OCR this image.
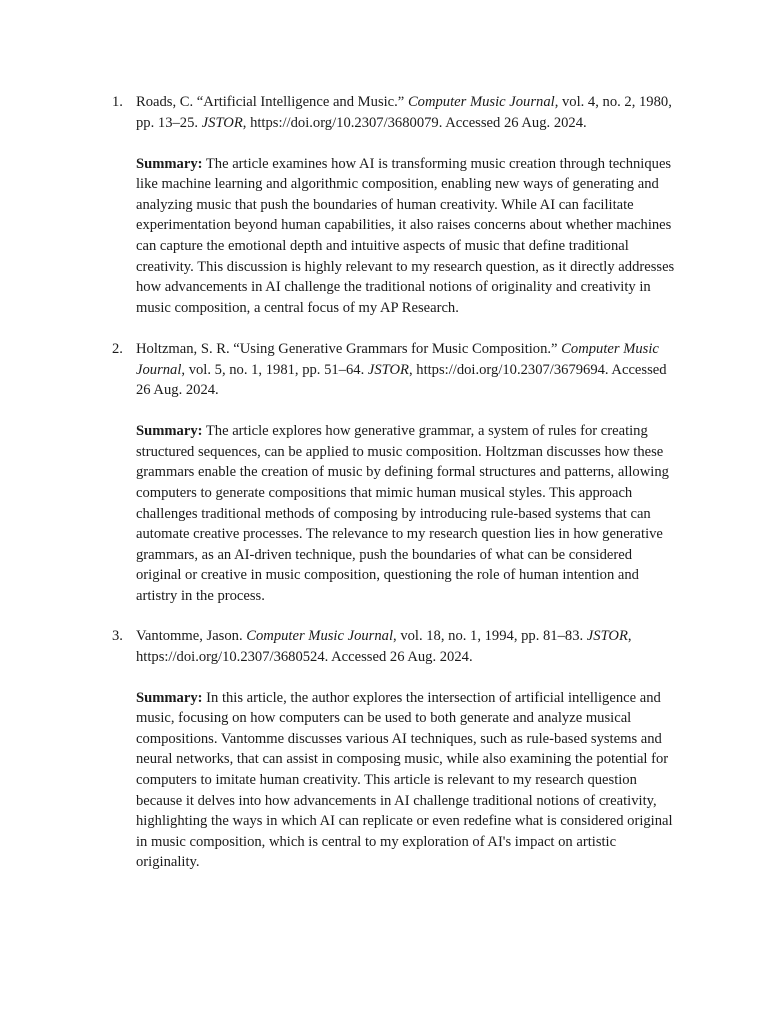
1. Roads, C. “Artificial Intelligence and Music.” Computer Music Journal, vol. 4, no. 2, 1980, pp. 13–25. JSTOR, https://doi.org/10.2307/3680079. Accessed 26 Aug. 2024.

Summary: The article examines how AI is transforming music creation through techniques like machine learning and algorithmic composition, enabling new ways of generating and analyzing music that push the boundaries of human creativity. While AI can facilitate experimentation beyond human capabilities, it also raises concerns about whether machines can capture the emotional depth and intuitive aspects of music that define traditional creativity. This discussion is highly relevant to my research question, as it directly addresses how advancements in AI challenge the traditional notions of originality and creativity in music composition, a central focus of my AP Research.

2. Holtzman, S. R. “Using Generative Grammars for Music Composition.” Computer Music Journal, vol. 5, no. 1, 1981, pp. 51–64. JSTOR, https://doi.org/10.2307/3679694. Accessed 26 Aug. 2024.

Summary: The article explores how generative grammar, a system of rules for creating structured sequences, can be applied to music composition. Holtzman discusses how these grammars enable the creation of music by defining formal structures and patterns, allowing computers to generate compositions that mimic human musical styles. This approach challenges traditional methods of composing by introducing rule-based systems that can automate creative processes. The relevance to my research question lies in how generative grammars, as an AI-driven technique, push the boundaries of what can be considered original or creative in music composition, questioning the role of human intention and artistry in the process.

3. Vantomme, Jason. Computer Music Journal, vol. 18, no. 1, 1994, pp. 81–83. JSTOR, https://doi.org/10.2307/3680524. Accessed 26 Aug. 2024.

Summary: In this article, the author explores the intersection of artificial intelligence and music, focusing on how computers can be used to both generate and analyze musical compositions. Vantomme discusses various AI techniques, such as rule-based systems and neural networks, that can assist in composing music, while also examining the potential for computers to imitate human creativity. This article is relevant to my research question because it delves into how advancements in AI challenge traditional notions of creativity, highlighting the ways in which AI can replicate or even redefine what is considered original in music composition, which is central to my exploration of AI's impact on artistic originality.
